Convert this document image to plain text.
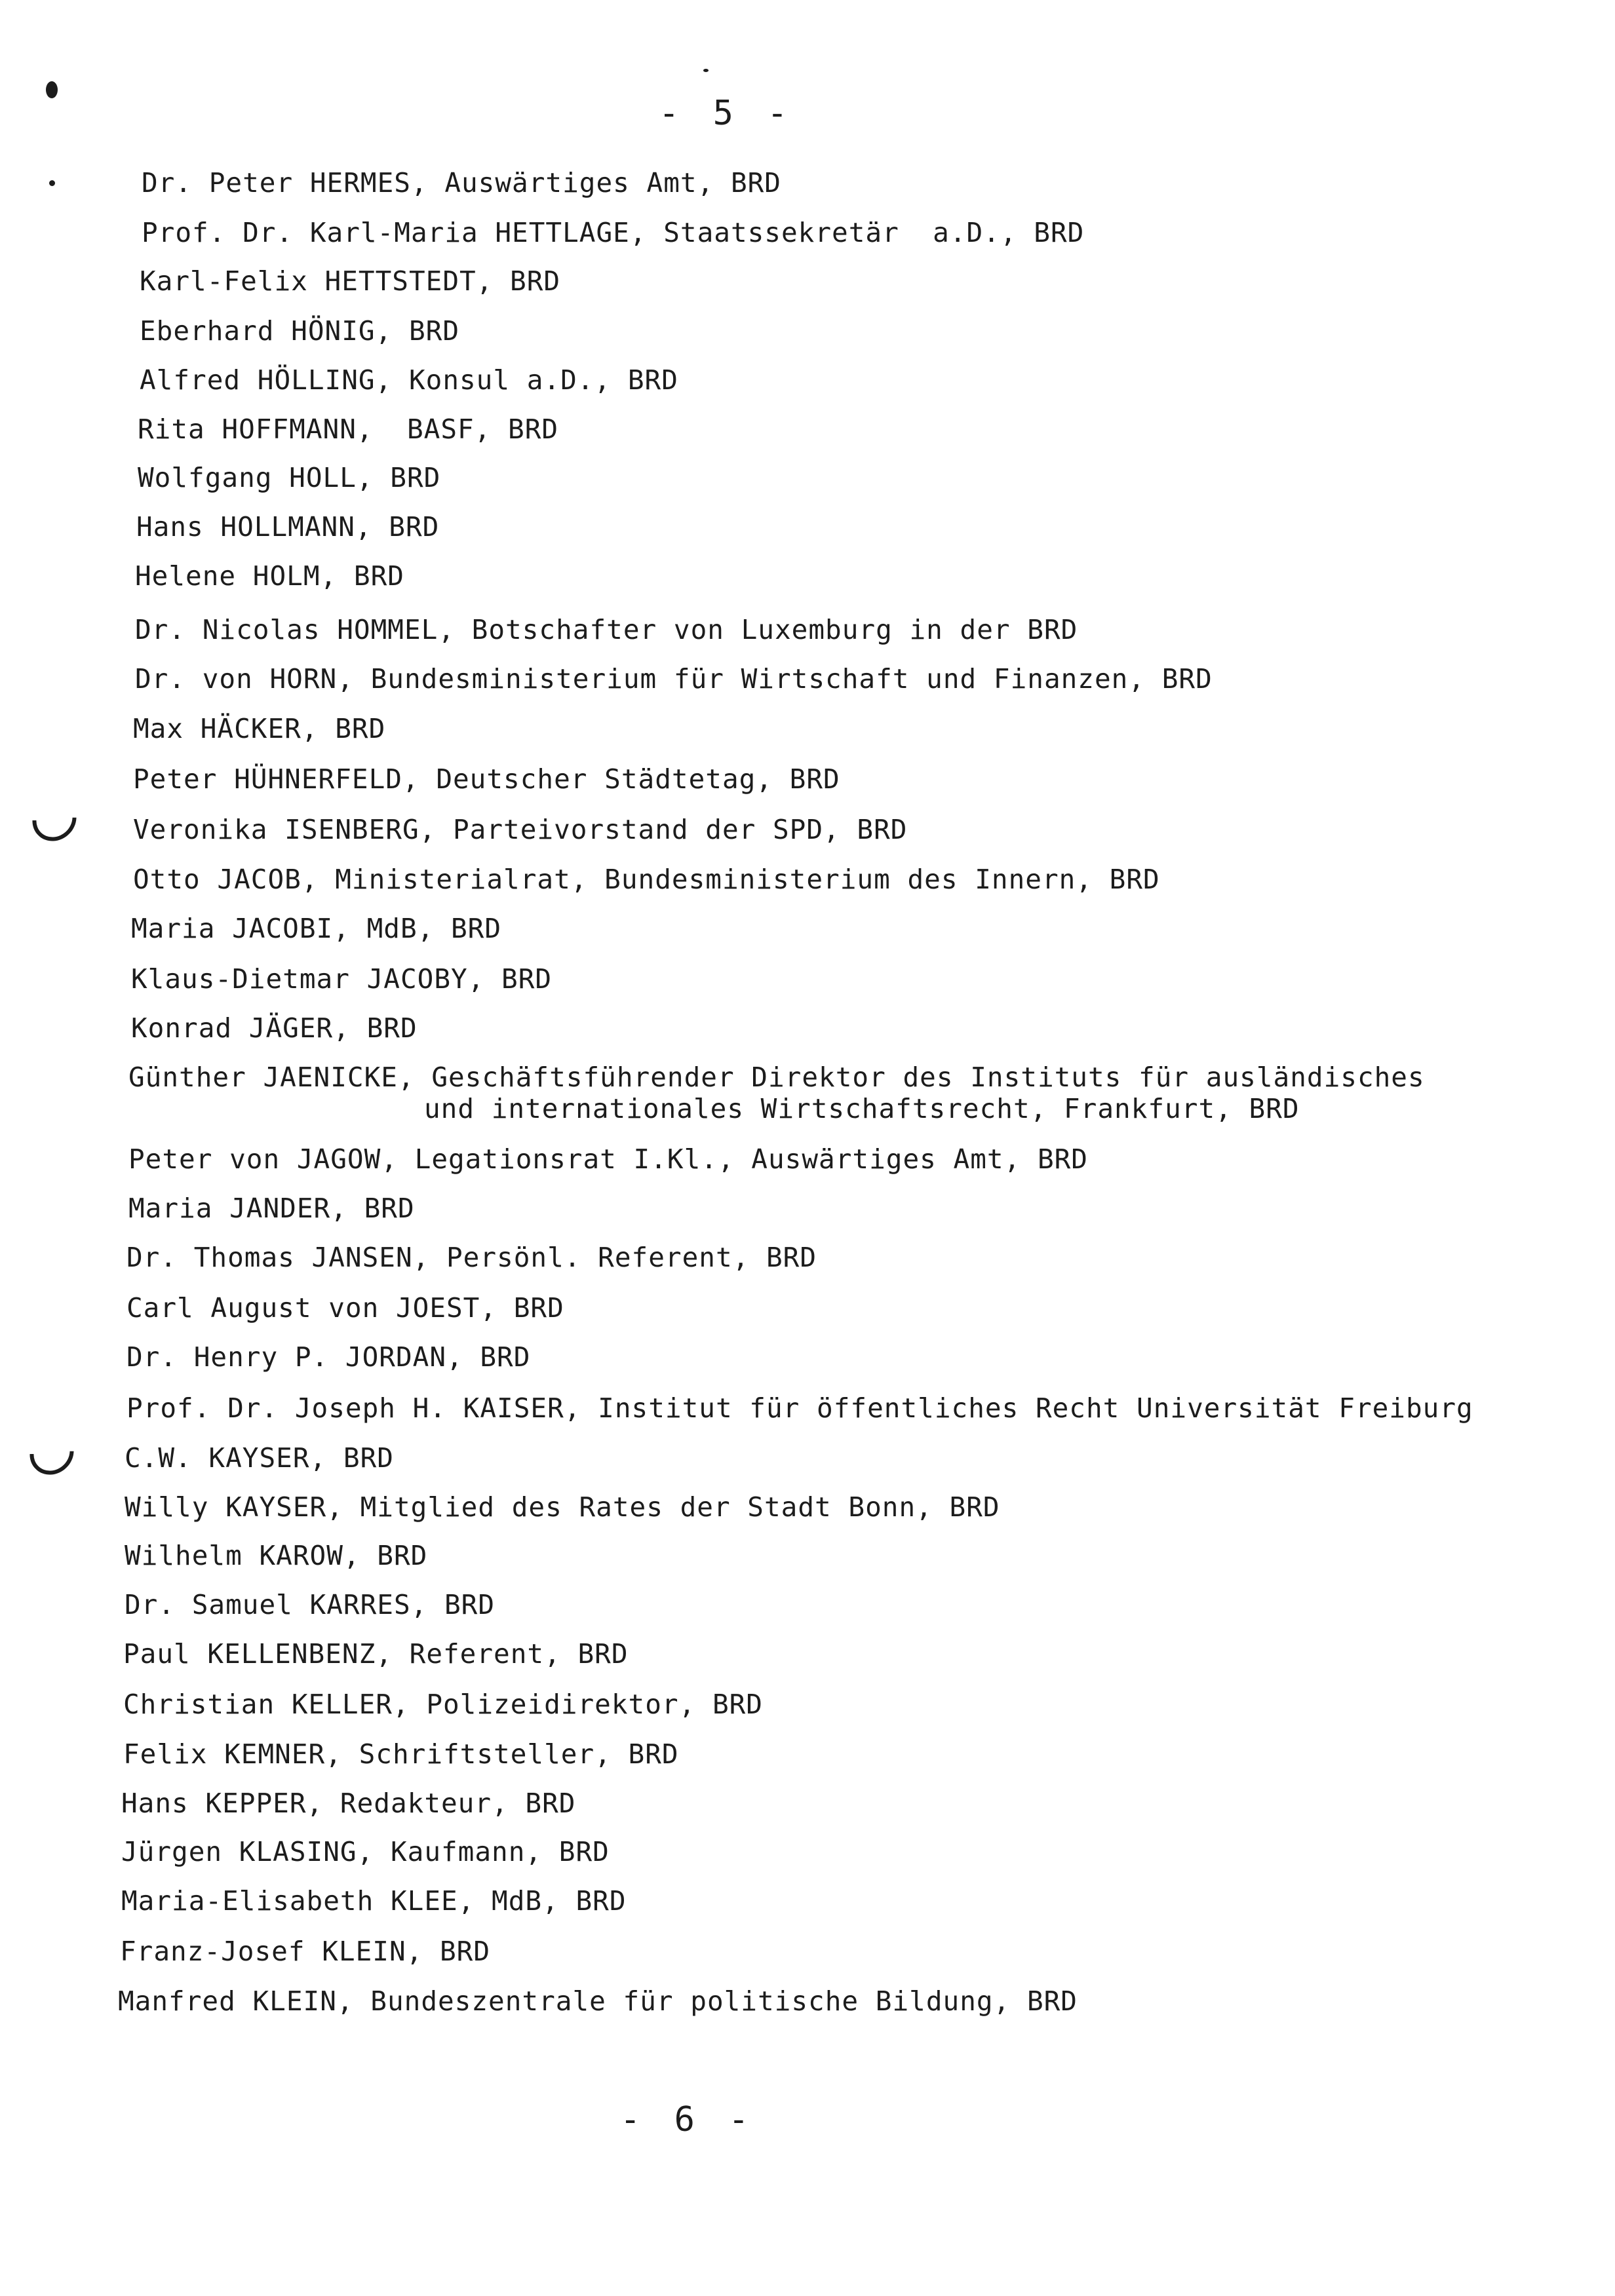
- 5 -
Dr. Peter HERMES, Auswärtiges Amt, BRD
Prof. Dr. Karl-Maria HETTLAGE, Staatssekretär  a.D., BRD
Karl-Felix HETTSTEDT, BRD
Eberhard HÖNIG, BRD
Alfred HÖLLING, Konsul a.D., BRD
Rita HOFFMANN,  BASF, BRD
Wolfgang HOLL, BRD
Hans HOLLMANN, BRD
Helene HOLM, BRD
Dr. Nicolas HOMMEL, Botschafter von Luxemburg in der BRD
Dr. von HORN, Bundesministerium für Wirtschaft und Finanzen, BRD
Max HÄCKER, BRD
Peter HÜHNERFELD, Deutscher Städtetag, BRD
Veronika ISENBERG, Parteivorstand der SPD, BRD
Otto JACOB, Ministerialrat, Bundesministerium des Innern, BRD
Maria JACOBI, MdB, BRD
Klaus-Dietmar JACOBY, BRD
Konrad JÄGER, BRD
Günther JAENICKE, Geschäftsführender Direktor des Instituts für ausländisches
und internationales Wirtschaftsrecht, Frankfurt, BRD
Peter von JAGOW, Legationsrat I.Kl., Auswärtiges Amt, BRD
Maria JANDER, BRD
Dr. Thomas JANSEN, Persönl. Referent, BRD
Carl August von JOEST, BRD
Dr. Henry P. JORDAN, BRD
Prof. Dr. Joseph H. KAISER, Institut für öffentliches Recht Universität Freiburg
C.W. KAYSER, BRD
Willy KAYSER, Mitglied des Rates der Stadt Bonn, BRD
Wilhelm KAROW, BRD
Dr. Samuel KARRES, BRD
Paul KELLENBENZ, Referent, BRD
Christian KELLER, Polizeidirektor, BRD
Felix KEMNER, Schriftsteller, BRD
Hans KEPPER, Redakteur, BRD
Jürgen KLASING, Kaufmann, BRD
Maria-Elisabeth KLEE, MdB, BRD
Franz-Josef KLEIN, BRD
Manfred KLEIN, Bundeszentrale für politische Bildung, BRD
- 6 -
